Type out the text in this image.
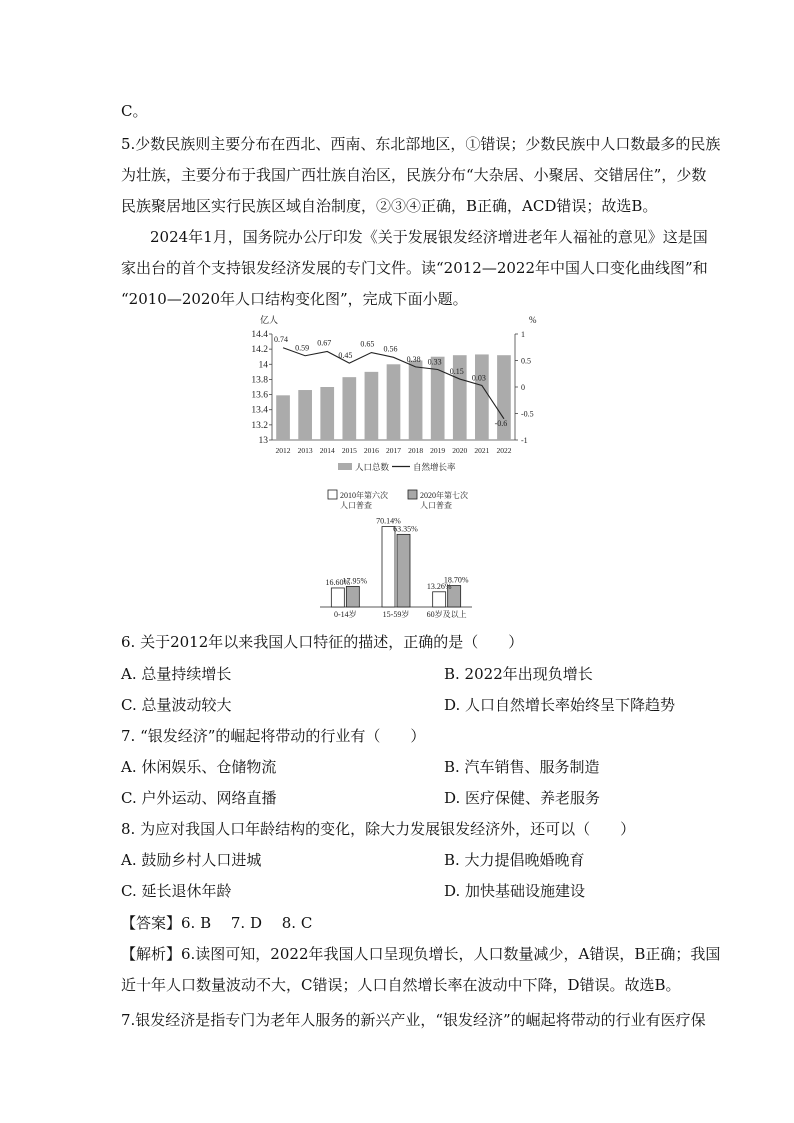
C。
5.少数民族则主要分布在西北、西南、东北部地区，①错误；少数民族中人口数最多的民族
为壮族，主要分布于我国广西壮族自治区，民族分布“大杂居、小聚居、交错居住”，少数
民族聚居地区实行民族区域自治制度，②③④正确，B正确，ACD错误；故选B。
2024年1月，国务院办公厅印发《关于发展银发经济增进老年人福祉的意见》这是国
家出台的首个支持银发经济发展的专门文件。读“2012—2022年中国人口变化曲线图”和
“2010—2020年人口结构变化图”，完成下面小题。
亿人	%
14.4
14.2
14
13.8
13.6
13.4
13.2
13
1
0.5
0
-0.5
-1
2012 2013 2014 2015 2016 2017 2018 2019 2020 2021 2022
0.74
0.59
0.67
0.45
0.65
0.56
0.38 0.33
0.15
0.03
-0.6
人口总数	自然增长率
2010年第六次
人口普查
2020年第七次
人口普查
16.60%
17.95%
0-14岁
70.14%
63.35%
15-59岁
13.26%
18.70%
60岁及以上
6. 关于2012年以来我国人口特征的描述，正确的是（　　）
A. 总量持续增长	B. 2022年出现负增长
C. 总量波动较大	D. 人口自然增长率始终呈下降趋势
7. “银发经济”的崛起将带动的行业有（　　）
A. 休闲娱乐、仓储物流	B. 汽车销售、服务制造
C. 户外运动、网络直播	D. 医疗保健、养老服务
8. 为应对我国人口年龄结构的变化，除大力发展银发经济外，还可以（　　）
A. 鼓励乡村人口进城	B. 大力提倡晚婚晚育
C. 延长退休年龄	D. 加快基础设施建设
【答案】6. B　 7. D　 8. C
【解析】6.读图可知，2022年我国人口呈现负增长，人口数量减少，A错误，B正确；我国
近十年人口数量波动不大，C错误；人口自然增长率在波动中下降，D错误。故选B。
7.银发经济是指专门为老年人服务的新兴产业，“银发经济”的崛起将带动的行业有医疗保
